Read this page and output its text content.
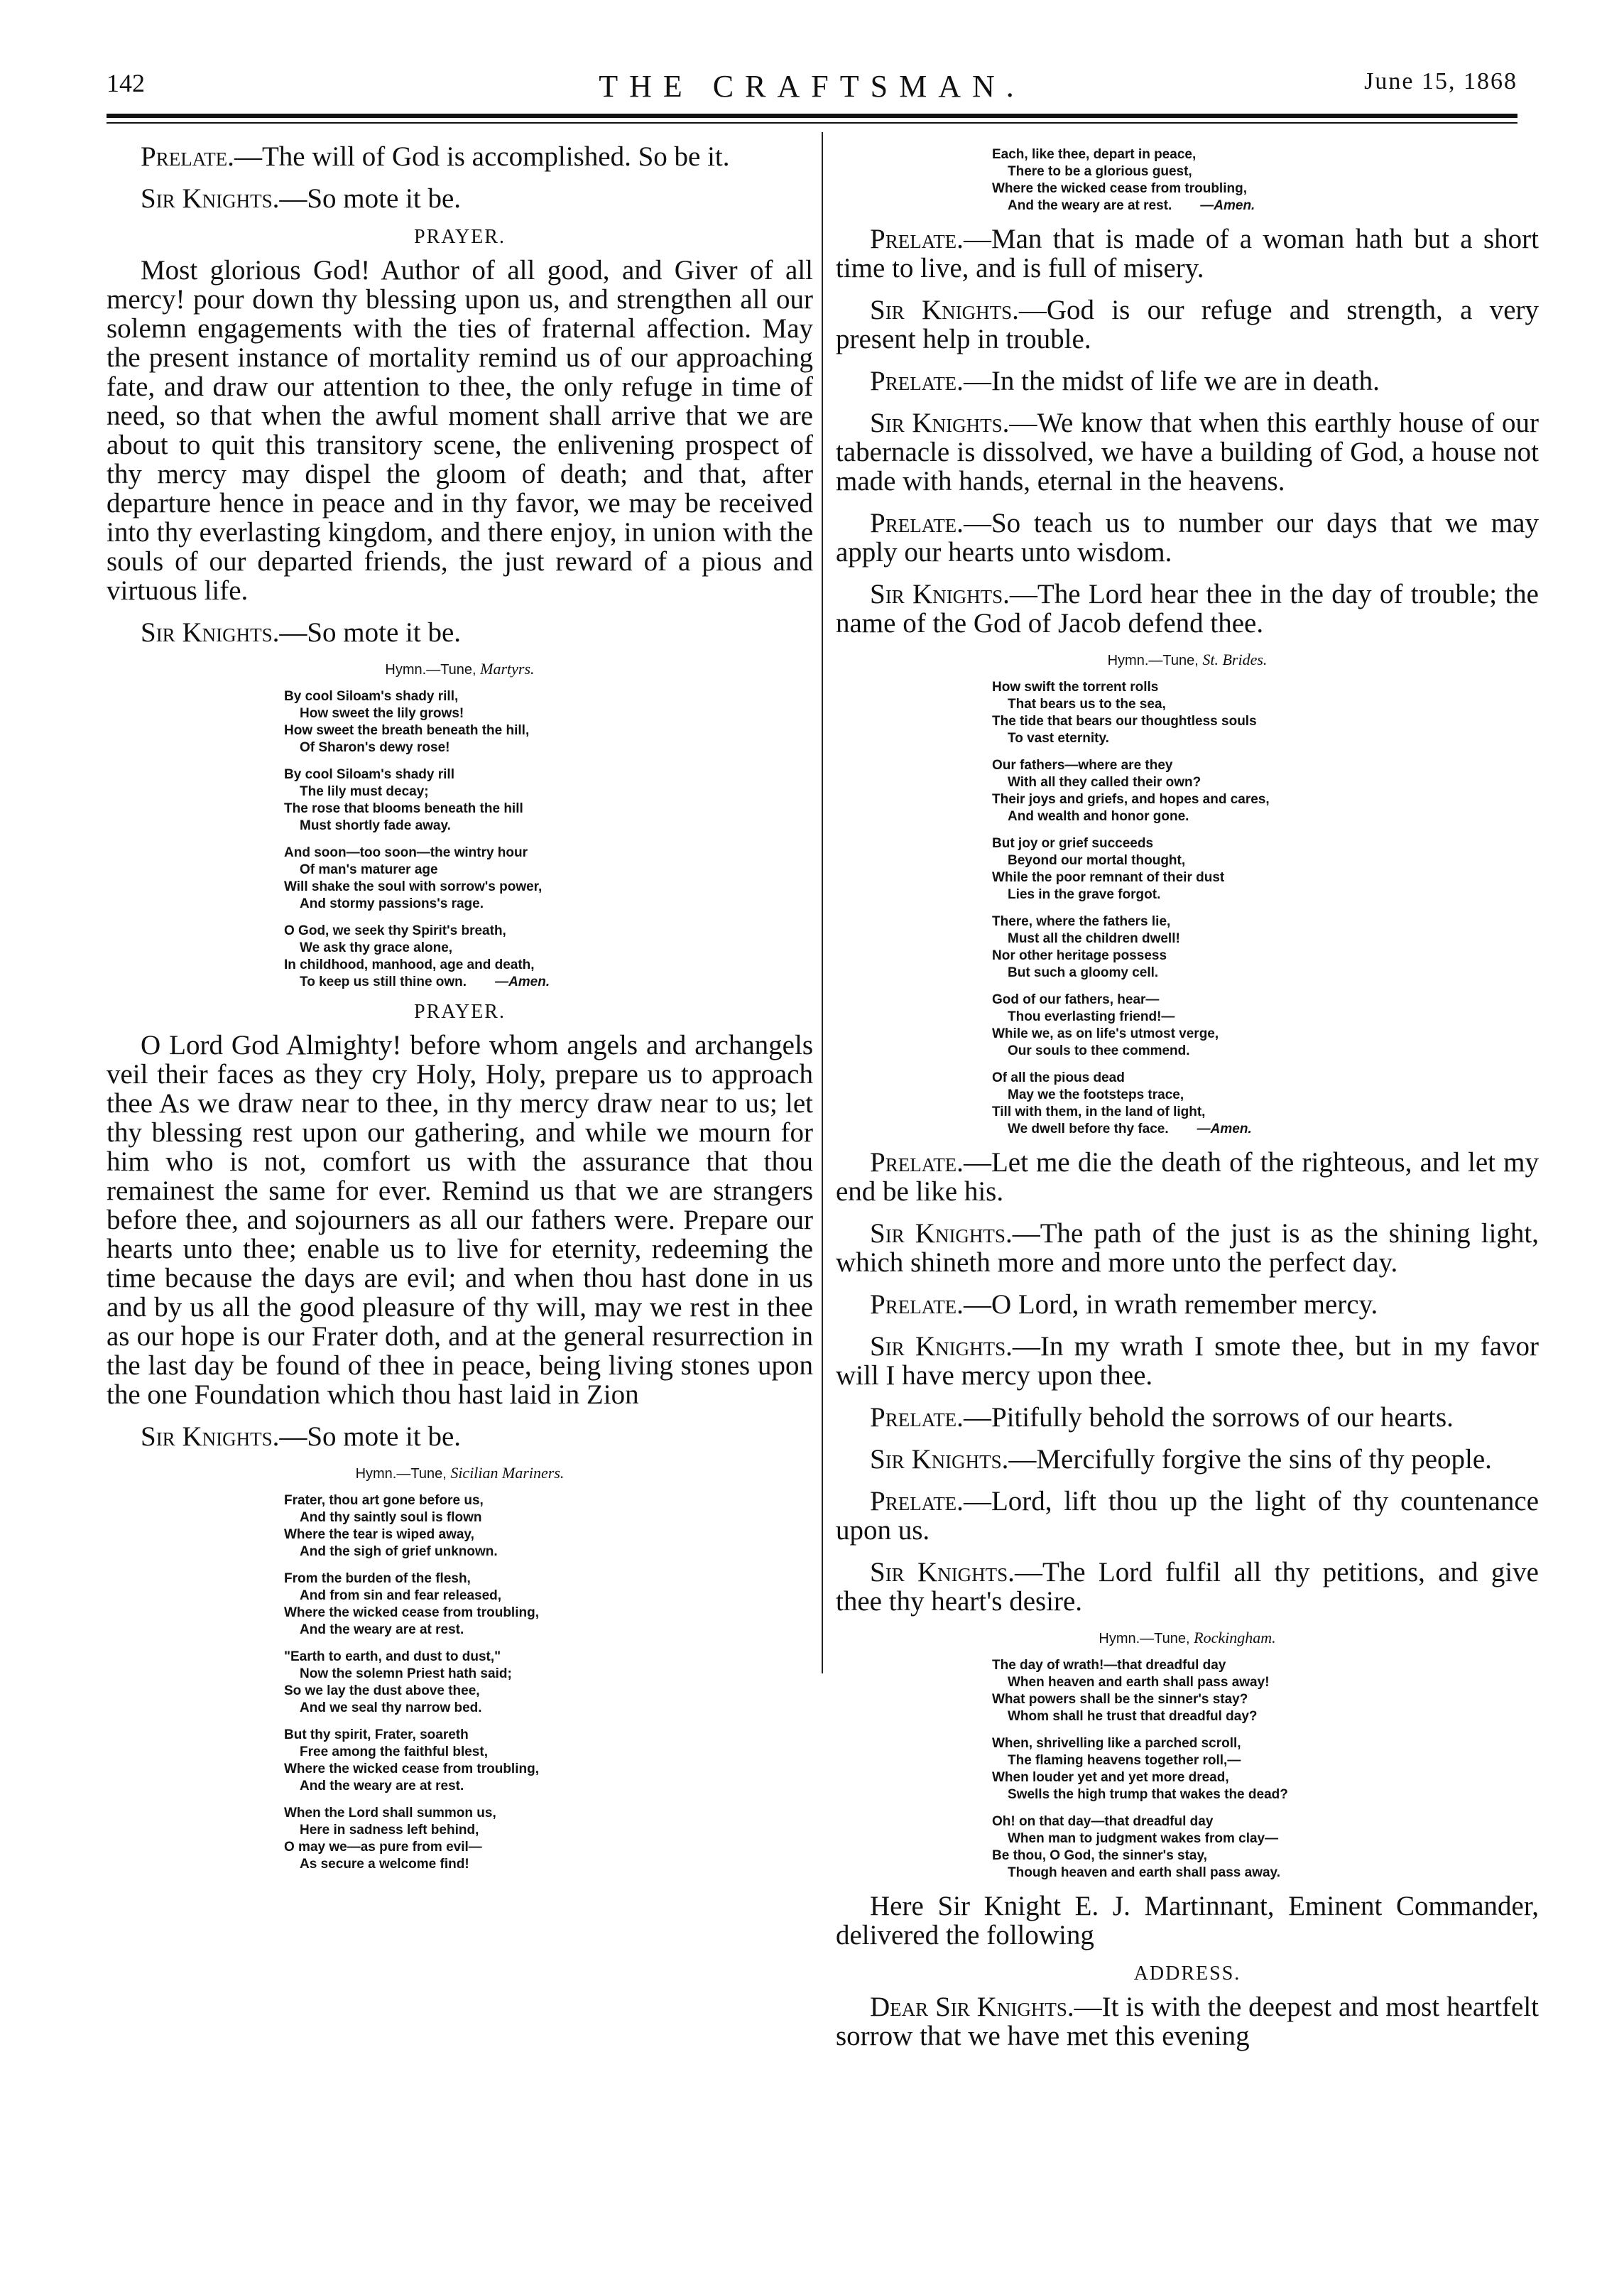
142	THE CRAFTSMAN.	June 15, 1868

Prelate.—The will of God is accomplished. So be it.

Sir Knights.—So mote it be.

PRAYER.

Most glorious God! Author of all good, and Giver of all mercy! pour down thy blessing upon us, and strengthen all our solemn engagements with the ties of fraternal affection. May the present instance of mortality remind us of our approaching fate, and draw our attention to thee, the only refuge in time of need, so that when the awful moment shall arrive that we are about to quit this transitory scene, the enlivening prospect of thy mercy may dispel the gloom of death; and that, after departure hence in peace and in thy favor, we may be received into thy everlasting kingdom, and there enjoy, in union with the souls of our departed friends, the just reward of a pious and virtuous life.

Sir Knights.—So mote it be.

Hymn.—Tune, Martyrs.
By cool Siloam's shady rill,
How sweet the lily grows!
How sweet the breath beneath the hill,
Of Sharon's dewy rose!
By cool Siloam's shady rill
The lily must decay;
The rose that blooms beneath the hill
Must shortly fade away.
And soon—too soon—the wintry hour
Of man's maturer age
Will shake the soul with sorrow's power,
And stormy passions's rage.
O God, we seek thy Spirit's breath,
We ask thy grace alone,
In childhood, manhood, age and death,
To keep us still thine own. —Amen.
PRAYER.

O Lord God Almighty! before whom angels and archangels veil their faces as they cry Holy, Holy, prepare us to approach thee As we draw near to thee, in thy mercy draw near to us; let thy blessing rest upon our gathering, and while we mourn for him who is not, comfort us with the assurance that thou remainest the same for ever. Remind us that we are strangers before thee, and sojourners as all our fathers were. Prepare our hearts unto thee; enable us to live for eternity, redeeming the time because the days are evil; and when thou hast done in us and by us all the good pleasure of thy will, may we rest in thee as our hope is our Frater doth, and at the general resurrection in the last day be found of thee in peace, being living stones upon the one Foundation which thou hast laid in Zion

Sir Knights.—So mote it be.

Hymn.—Tune, Sicilian Mariners.
Frater, thou art gone before us,
And thy saintly soul is flown
Where the tear is wiped away,
And the sigh of grief unknown.
From the burden of the flesh,
And from sin and fear released,
Where the wicked cease from troubling,
And the weary are at rest.
"Earth to earth, and dust to dust,"
Now the solemn Priest hath said;
So we lay the dust above thee,
And we seal thy narrow bed.
But thy spirit, Frater, soareth
Free among the faithful blest,
Where the wicked cease from troubling,
And the weary are at rest.
When the Lord shall summon us,
Here in sadness left behind,
O may we—as pure from evil—
As secure a welcome find!
Each, like thee, depart in peace,
There to be a glorious guest,
Where the wicked cease from troubling,
And the weary are at rest. —Amen.

Prelate.—Man that is made of a woman hath but a short time to live, and is full of misery.

Sir Knights.—God is our refuge and strength, a very present help in trouble.

Prelate.—In the midst of life we are in death.

Sir Knights.—We know that when this earthly house of our tabernacle is dissolved, we have a building of God, a house not made with hands, eternal in the heavens.

Prelate.—So teach us to number our days that we may apply our hearts unto wisdom.

Sir Knights.—The Lord hear thee in the day of trouble; the name of the God of Jacob defend thee.

Hymn.—Tune, St. Brides.
How swift the torrent rolls
That bears us to the sea,
The tide that bears our thoughtless souls
To vast eternity.
Our fathers—where are they
With all they called their own?
Their joys and griefs, and hopes and cares,
And wealth and honor gone.
But joy or grief succeeds
Beyond our mortal thought,
While the poor remnant of their dust
Lies in the grave forgot.
There, where the fathers lie,
Must all the children dwell!
Nor other heritage possess
But such a gloomy cell.
God of our fathers, hear—
Thou everlasting friend!—
While we, as on life's utmost verge,
Our souls to thee commend.
Of all the pious dead
May we the footsteps trace,
Till with them, in the land of light,
We dwell before thy face. —Amen.

Prelate.—Let me die the death of the righteous, and let my end be like his.

Sir Knights.—The path of the just is as the shining light, which shineth more and more unto the perfect day.

Prelate.—O Lord, in wrath remember mercy.

Sir Knights.—In my wrath I smote thee, but in my favor will I have mercy upon thee.

Prelate.—Pitifully behold the sorrows of our hearts.

Sir Knights.—Mercifully forgive the sins of thy people.

Prelate.—Lord, lift thou up the light of thy countenance upon us.

Sir Knights.—The Lord fulfil all thy petitions, and give thee thy heart's desire.

Hymn.—Tune, Rockingham.
The day of wrath!—that dreadful day
When heaven and earth shall pass away!
What powers shall be the sinner's stay?
Whom shall he trust that dreadful day?
When, shrivelling like a parched scroll,
The flaming heavens together roll,—
When louder yet and yet more dread,
Swells the high trump that wakes the dead?
Oh! on that day—that dreadful day
When man to judgment wakes from clay—
Be thou, O God, the sinner's stay,
Though heaven and earth shall pass away.

Here Sir Knight E. J. Martinnant, Eminent Commander, delivered the following

ADDRESS.

Dear Sir Knights.—It is with the deepest and most heartfelt sorrow that we have met this evening
